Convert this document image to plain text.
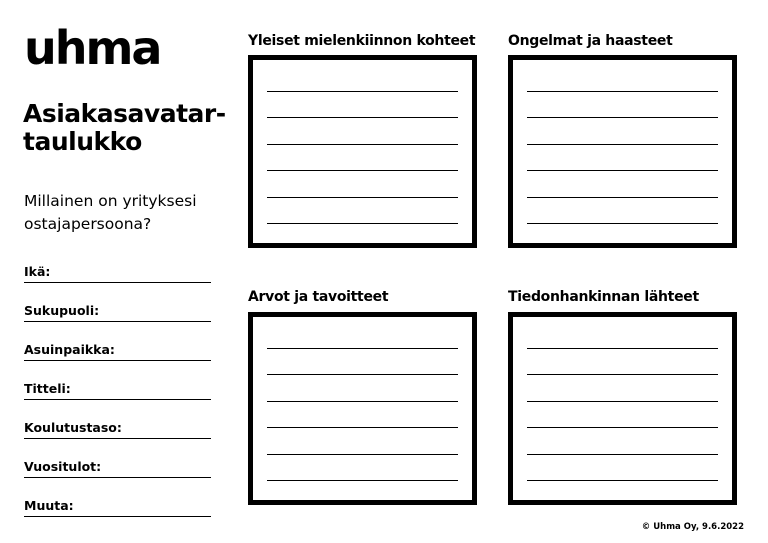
uhma
Asiakasavatar-
taulukko
Millainen on yrityksesi ostajapersoona?
Ikä:
Sukupuoli:
Asuinpaikka:
Titteli:
Koulutustaso:
Vuositulot:
Muuta:
Yleiset mielenkiinnon kohteet Ongelmat ja haasteet
Arvot ja tavoitteet	Tiedonhankinnan lähteet
© Uhma Oy, 9.6.2022
